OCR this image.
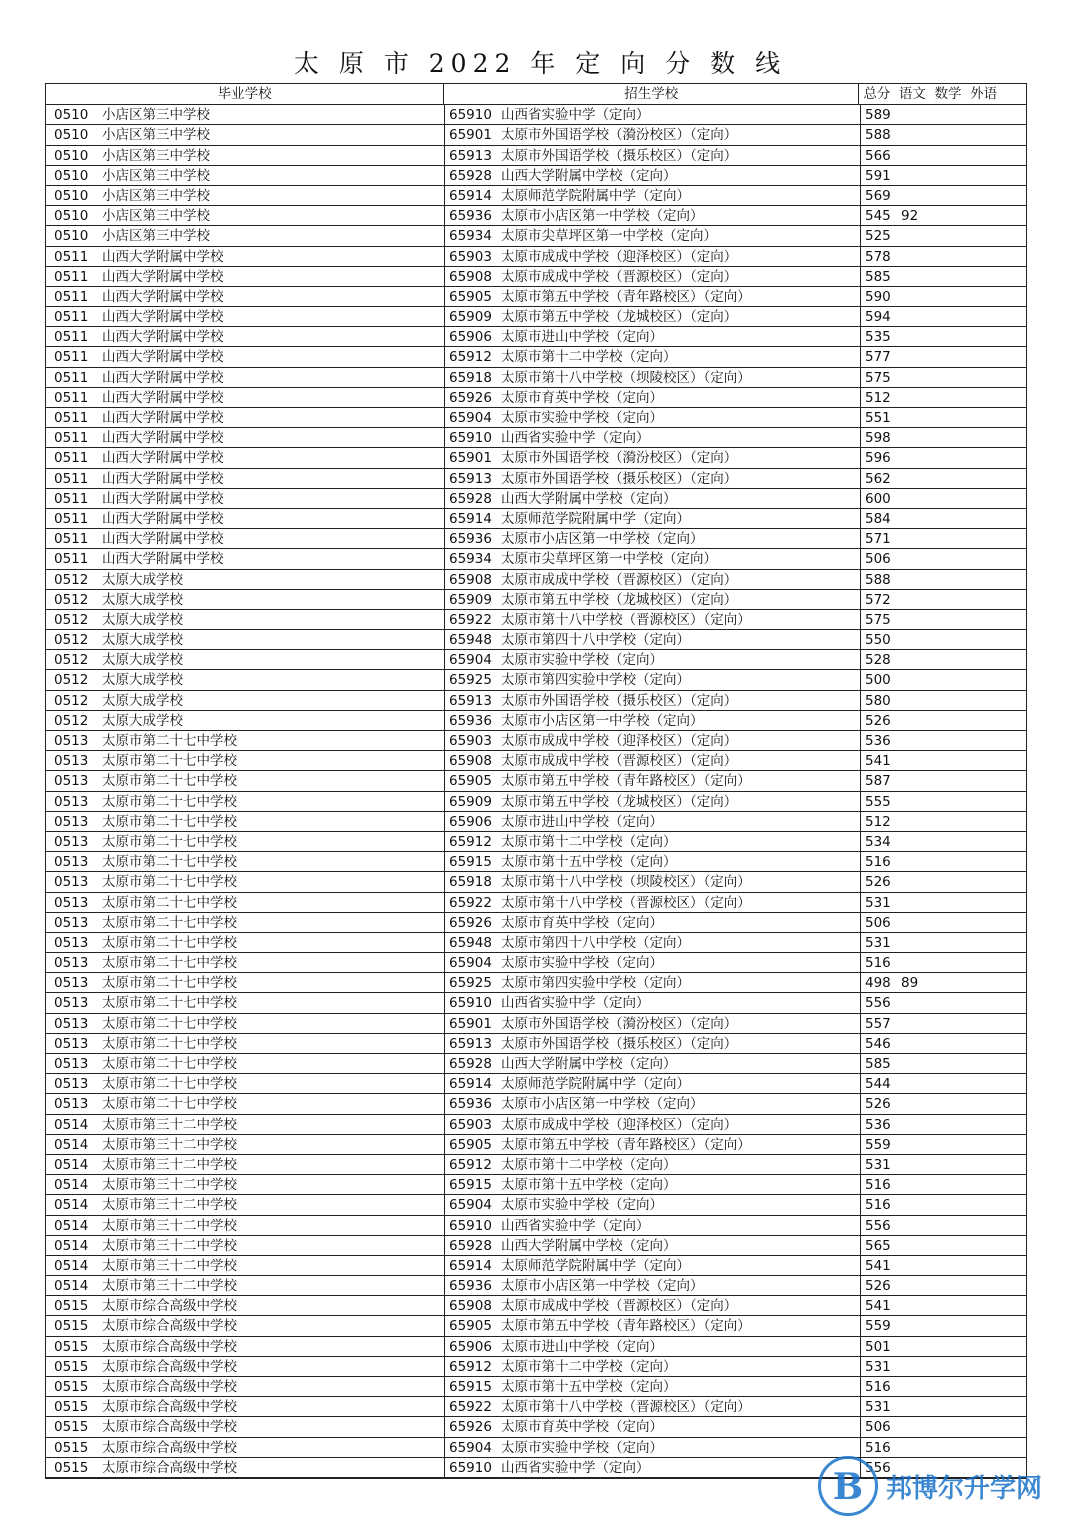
太 原 市 2022 年 定 向 分 数 线
毕业学校	招生学校	总分  语文  数学  外语
0510 小店区第三中学校	65910 山西省实验中学（定向）	589
0510 小店区第三中学校	65901 太原市外国语学校（漪汾校区）（定向）	588
0510 小店区第三中学校	65913 太原市外国语学校（摄乐校区）（定向）	566
0510 小店区第三中学校	65928 山西大学附属中学校（定向）	591
0510 小店区第三中学校	65914 太原师范学院附属中学（定向）	569
0510 小店区第三中学校	65936 太原市小店区第一中学校（定向）	545 92
0510 小店区第三中学校	65934 太原市尖草坪区第一中学校（定向）	525
0511 山西大学附属中学校	65903 太原市成成中学校（迎泽校区）（定向）	578
0511 山西大学附属中学校	65908 太原市成成中学校（晋源校区）（定向）	585
0511 山西大学附属中学校	65905 太原市第五中学校（青年路校区）（定向）	590
0511 山西大学附属中学校	65909 太原市第五中学校（龙城校区）（定向）	594
0511 山西大学附属中学校	65906 太原市进山中学校（定向）	535
0511 山西大学附属中学校	65912 太原市第十二中学校（定向）	577
0511 山西大学附属中学校	65918 太原市第十八中学校（坝陵校区）（定向）	575
0511 山西大学附属中学校	65926 太原市育英中学校（定向）	512
0511 山西大学附属中学校	65904 太原市实验中学校（定向）	551
0511 山西大学附属中学校	65910 山西省实验中学（定向）	598
0511 山西大学附属中学校	65901 太原市外国语学校（漪汾校区）（定向）	596
0511 山西大学附属中学校	65913 太原市外国语学校（摄乐校区）（定向）	562
0511 山西大学附属中学校	65928 山西大学附属中学校（定向）	600
0511 山西大学附属中学校	65914 太原师范学院附属中学（定向）	584
0511 山西大学附属中学校	65936 太原市小店区第一中学校（定向）	571
0511 山西大学附属中学校	65934 太原市尖草坪区第一中学校（定向）	506
0512 太原大成学校	65908 太原市成成中学校（晋源校区）（定向）	588
0512 太原大成学校	65909 太原市第五中学校（龙城校区）（定向）	572
0512 太原大成学校	65922 太原市第十八中学校（晋源校区）（定向）	575
0512 太原大成学校	65948 太原市第四十八中学校（定向）	550
0512 太原大成学校	65904 太原市实验中学校（定向）	528
0512 太原大成学校	65925 太原市第四实验中学校（定向）	500
0512 太原大成学校	65913 太原市外国语学校（摄乐校区）（定向）	580
0512 太原大成学校	65936 太原市小店区第一中学校（定向）	526
0513 太原市第二十七中学校	65903 太原市成成中学校（迎泽校区）（定向）	536
0513 太原市第二十七中学校	65908 太原市成成中学校（晋源校区）（定向）	541
0513 太原市第二十七中学校	65905 太原市第五中学校（青年路校区）（定向）	587
0513 太原市第二十七中学校	65909 太原市第五中学校（龙城校区）（定向）	555
0513 太原市第二十七中学校	65906 太原市进山中学校（定向）	512
0513 太原市第二十七中学校	65912 太原市第十二中学校（定向）	534
0513 太原市第二十七中学校	65915 太原市第十五中学校（定向）	516
0513 太原市第二十七中学校	65918 太原市第十八中学校（坝陵校区）（定向）	526
0513 太原市第二十七中学校	65922 太原市第十八中学校（晋源校区）（定向）	531
0513 太原市第二十七中学校	65926 太原市育英中学校（定向）	506
0513 太原市第二十七中学校	65948 太原市第四十八中学校（定向）	531
0513 太原市第二十七中学校	65904 太原市实验中学校（定向）	516
0513 太原市第二十七中学校	65925 太原市第四实验中学校（定向）	498 89
0513 太原市第二十七中学校	65910 山西省实验中学（定向）	556
0513 太原市第二十七中学校	65901 太原市外国语学校（漪汾校区）（定向）	557
0513 太原市第二十七中学校	65913 太原市外国语学校（摄乐校区）（定向）	546
0513 太原市第二十七中学校	65928 山西大学附属中学校（定向）	585
0513 太原市第二十七中学校	65914 太原师范学院附属中学（定向）	544
0513 太原市第二十七中学校	65936 太原市小店区第一中学校（定向）	526
0514 太原市第三十二中学校	65903 太原市成成中学校（迎泽校区）（定向）	536
0514 太原市第三十二中学校	65905 太原市第五中学校（青年路校区）（定向）	559
0514 太原市第三十二中学校	65912 太原市第十二中学校（定向）	531
0514 太原市第三十二中学校	65915 太原市第十五中学校（定向）	516
0514 太原市第三十二中学校	65904 太原市实验中学校（定向）	516
0514 太原市第三十二中学校	65910 山西省实验中学（定向）	556
0514 太原市第三十二中学校	65928 山西大学附属中学校（定向）	565
0514 太原市第三十二中学校	65914 太原师范学院附属中学（定向）	541
0514 太原市第三十二中学校	65936 太原市小店区第一中学校（定向）	526
0515 太原市综合高级中学校	65908 太原市成成中学校（晋源校区）（定向）	541
0515 太原市综合高级中学校	65905 太原市第五中学校（青年路校区）（定向）	559
0515 太原市综合高级中学校	65906 太原市进山中学校（定向）	501
0515 太原市综合高级中学校	65912 太原市第十二中学校（定向）	531
0515 太原市综合高级中学校	65915 太原市第十五中学校（定向）	516
0515 太原市综合高级中学校	65922 太原市第十八中学校（晋源校区）（定向）	531
0515 太原市综合高级中学校	65926 太原市育英中学校（定向）	506
0515 太原市综合高级中学校	65904 太原市实验中学校（定向）	516
0515 太原市综合高级中学校	65910 山西省实验中学（定向）	556
B 邦博尔升学网
